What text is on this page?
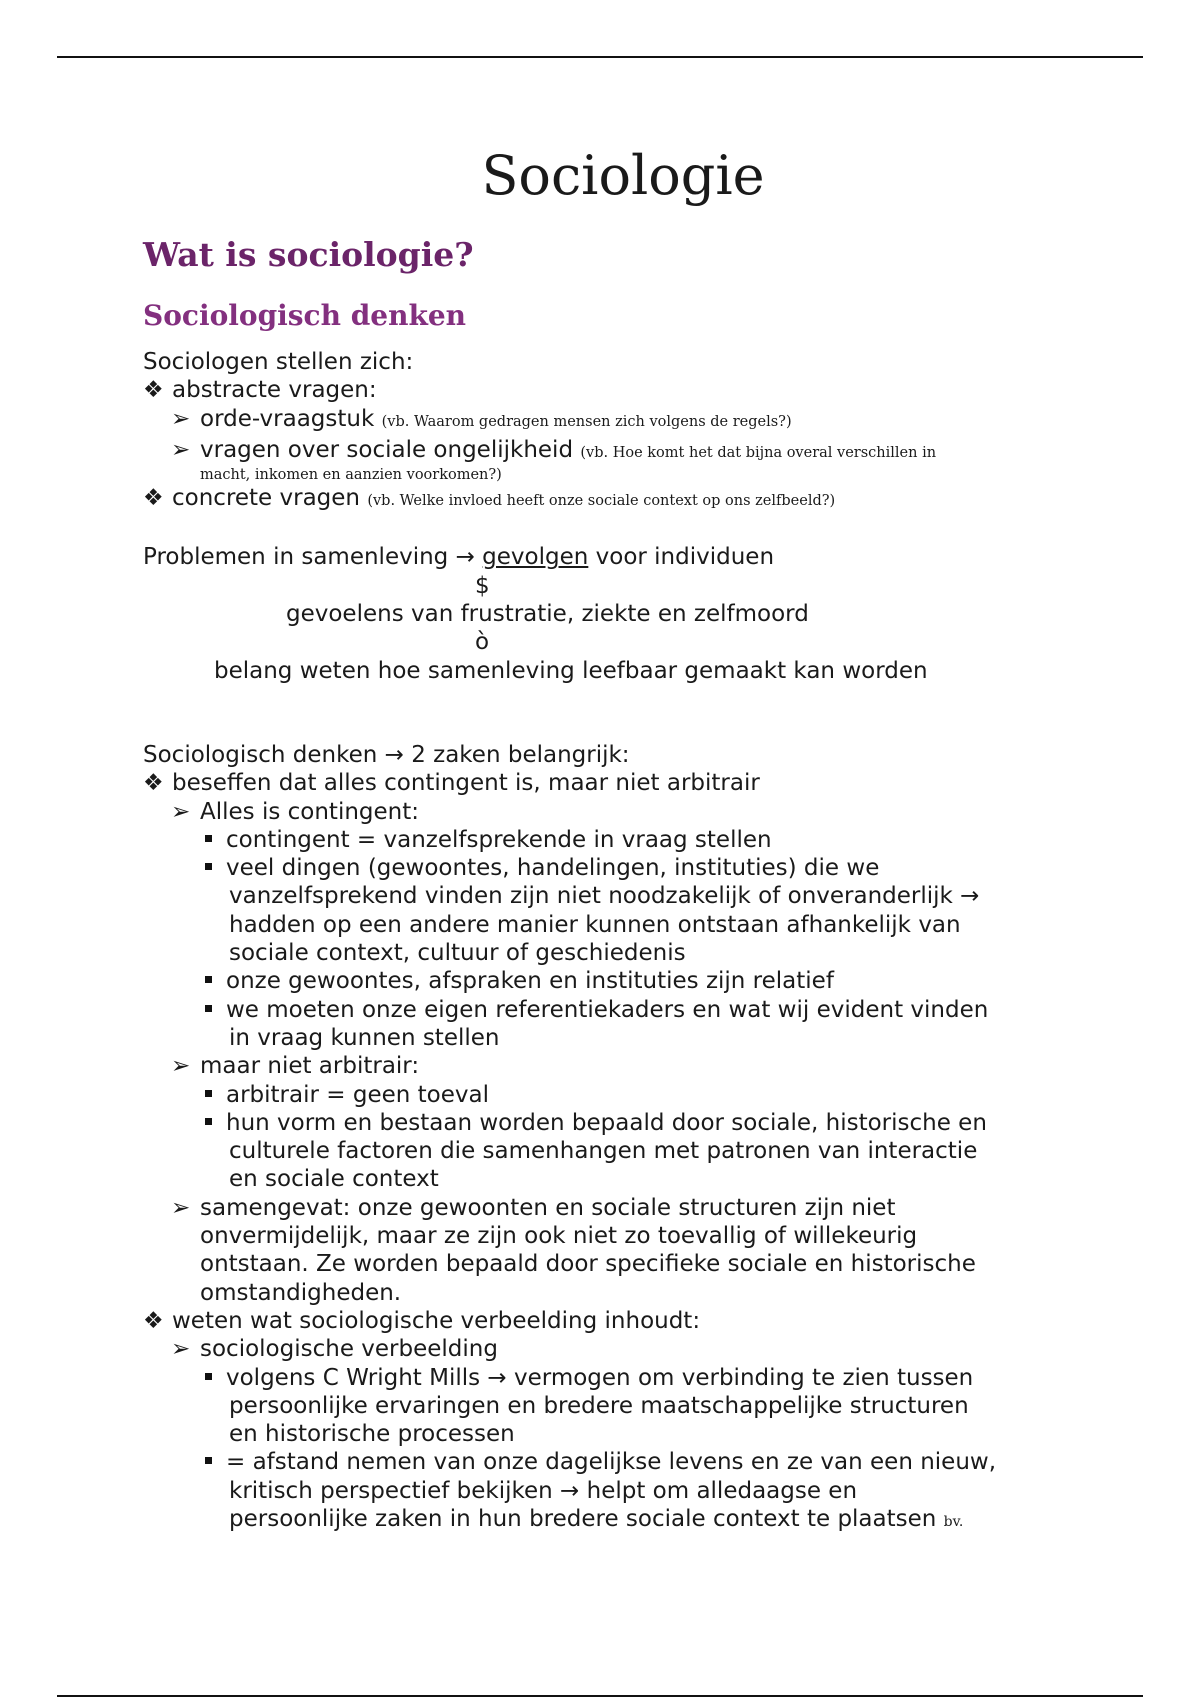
Sociologie
Wat is sociologie?
Sociologisch denken
Sociologen stellen zich:
❖ abstracte vragen:
➢ orde-vraagstuk (vb. Waarom gedragen mensen zich volgens de regels?)
➢ vragen over sociale ongelijkheid (vb. Hoe komt het dat bijna overal verschillen in
macht, inkomen en aanzien voorkomen?)
❖ concrete vragen (vb. Welke invloed heeft onze sociale context op ons zelfbeeld?)
Problemen in samenleving → gevolgen voor individuen
$
gevoelens van frustratie, ziekte en zelfmoord
ò
belang weten hoe samenleving leefbaar gemaakt kan worden
Sociologisch denken → 2 zaken belangrijk:
❖ beseffen dat alles contingent is, maar niet arbitrair
➢ Alles is contingent:
contingent = vanzelfsprekende in vraag stellen
veel dingen (gewoontes, handelingen, instituties) die we
vanzelfsprekend vinden zijn niet noodzakelijk of onveranderlijk →
hadden op een andere manier kunnen ontstaan afhankelijk van
sociale context, cultuur of geschiedenis
onze gewoontes, afspraken en instituties zijn relatief
we moeten onze eigen referentiekaders en wat wij evident vinden
in vraag kunnen stellen
➢ maar niet arbitrair:
arbitrair = geen toeval
hun vorm en bestaan worden bepaald door sociale, historische en
culturele factoren die samenhangen met patronen van interactie
en sociale context
➢ samengevat: onze gewoonten en sociale structuren zijn niet
onvermijdelijk, maar ze zijn ook niet zo toevallig of willekeurig
ontstaan. Ze worden bepaald door specifieke sociale en historische
omstandigheden.
❖ weten wat sociologische verbeelding inhoudt:
➢ sociologische verbeelding
volgens C Wright Mills → vermogen om verbinding te zien tussen
persoonlijke ervaringen en bredere maatschappelijke structuren
en historische processen
= afstand nemen van onze dagelijkse levens en ze van een nieuw,
kritisch perspectief bekijken → helpt om alledaagse en
persoonlijke zaken in hun bredere sociale context te plaatsen bv.
